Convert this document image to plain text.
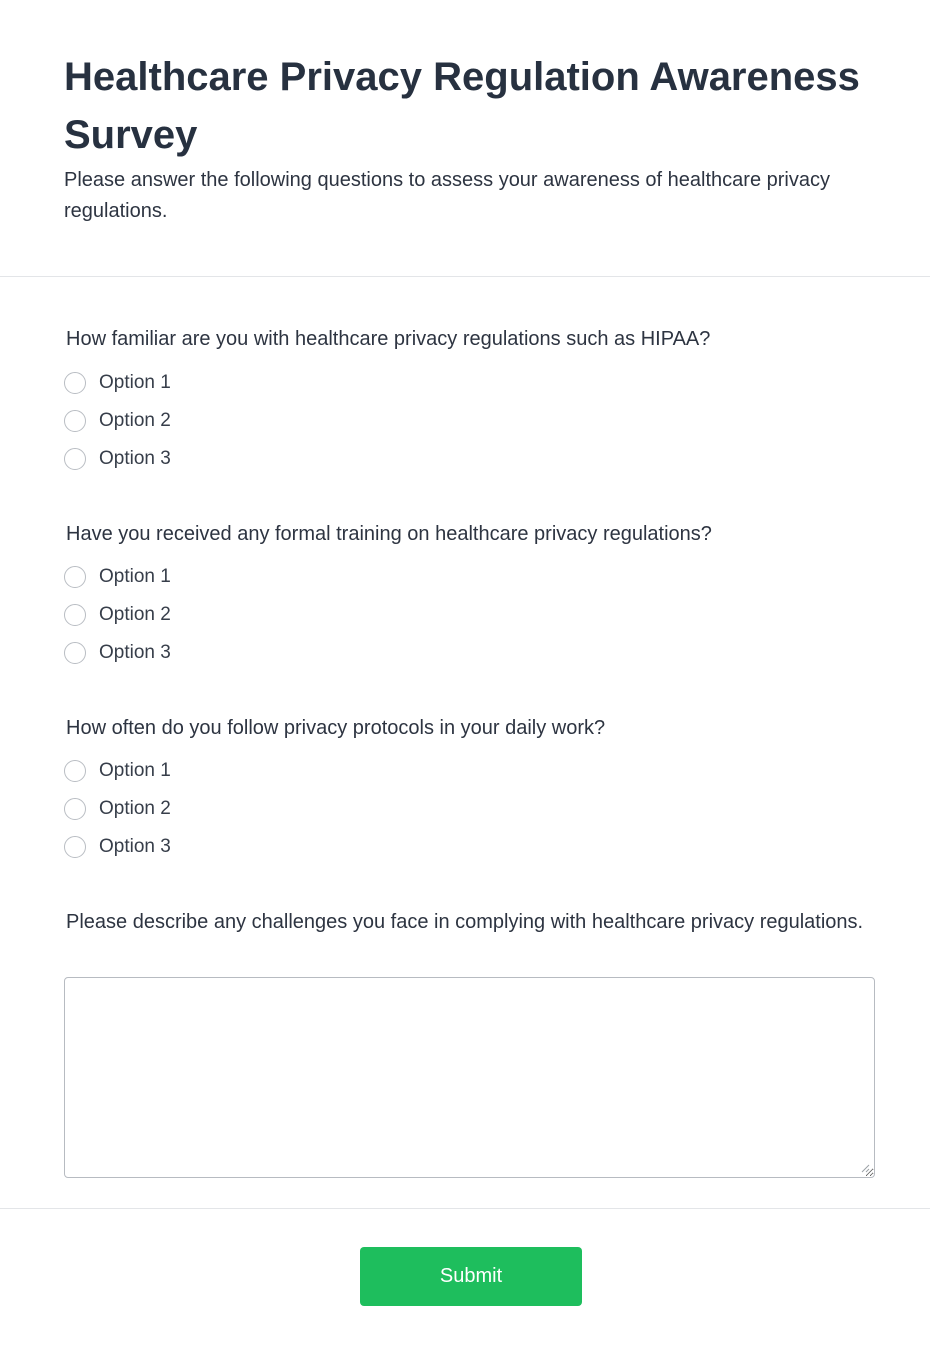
Healthcare Privacy Regulation Awareness Survey

Please answer the following questions to assess your awareness of healthcare privacy regulations.

How familiar are you with healthcare privacy regulations such as HIPAA?

Option 1
Option 2
Option 3

Have you received any formal training on healthcare privacy regulations?

Option 1
Option 2
Option 3

How often do you follow privacy protocols in your daily work?

Option 1
Option 2
Option 3

Please describe any challenges you face in complying with healthcare privacy regulations.

Submit
